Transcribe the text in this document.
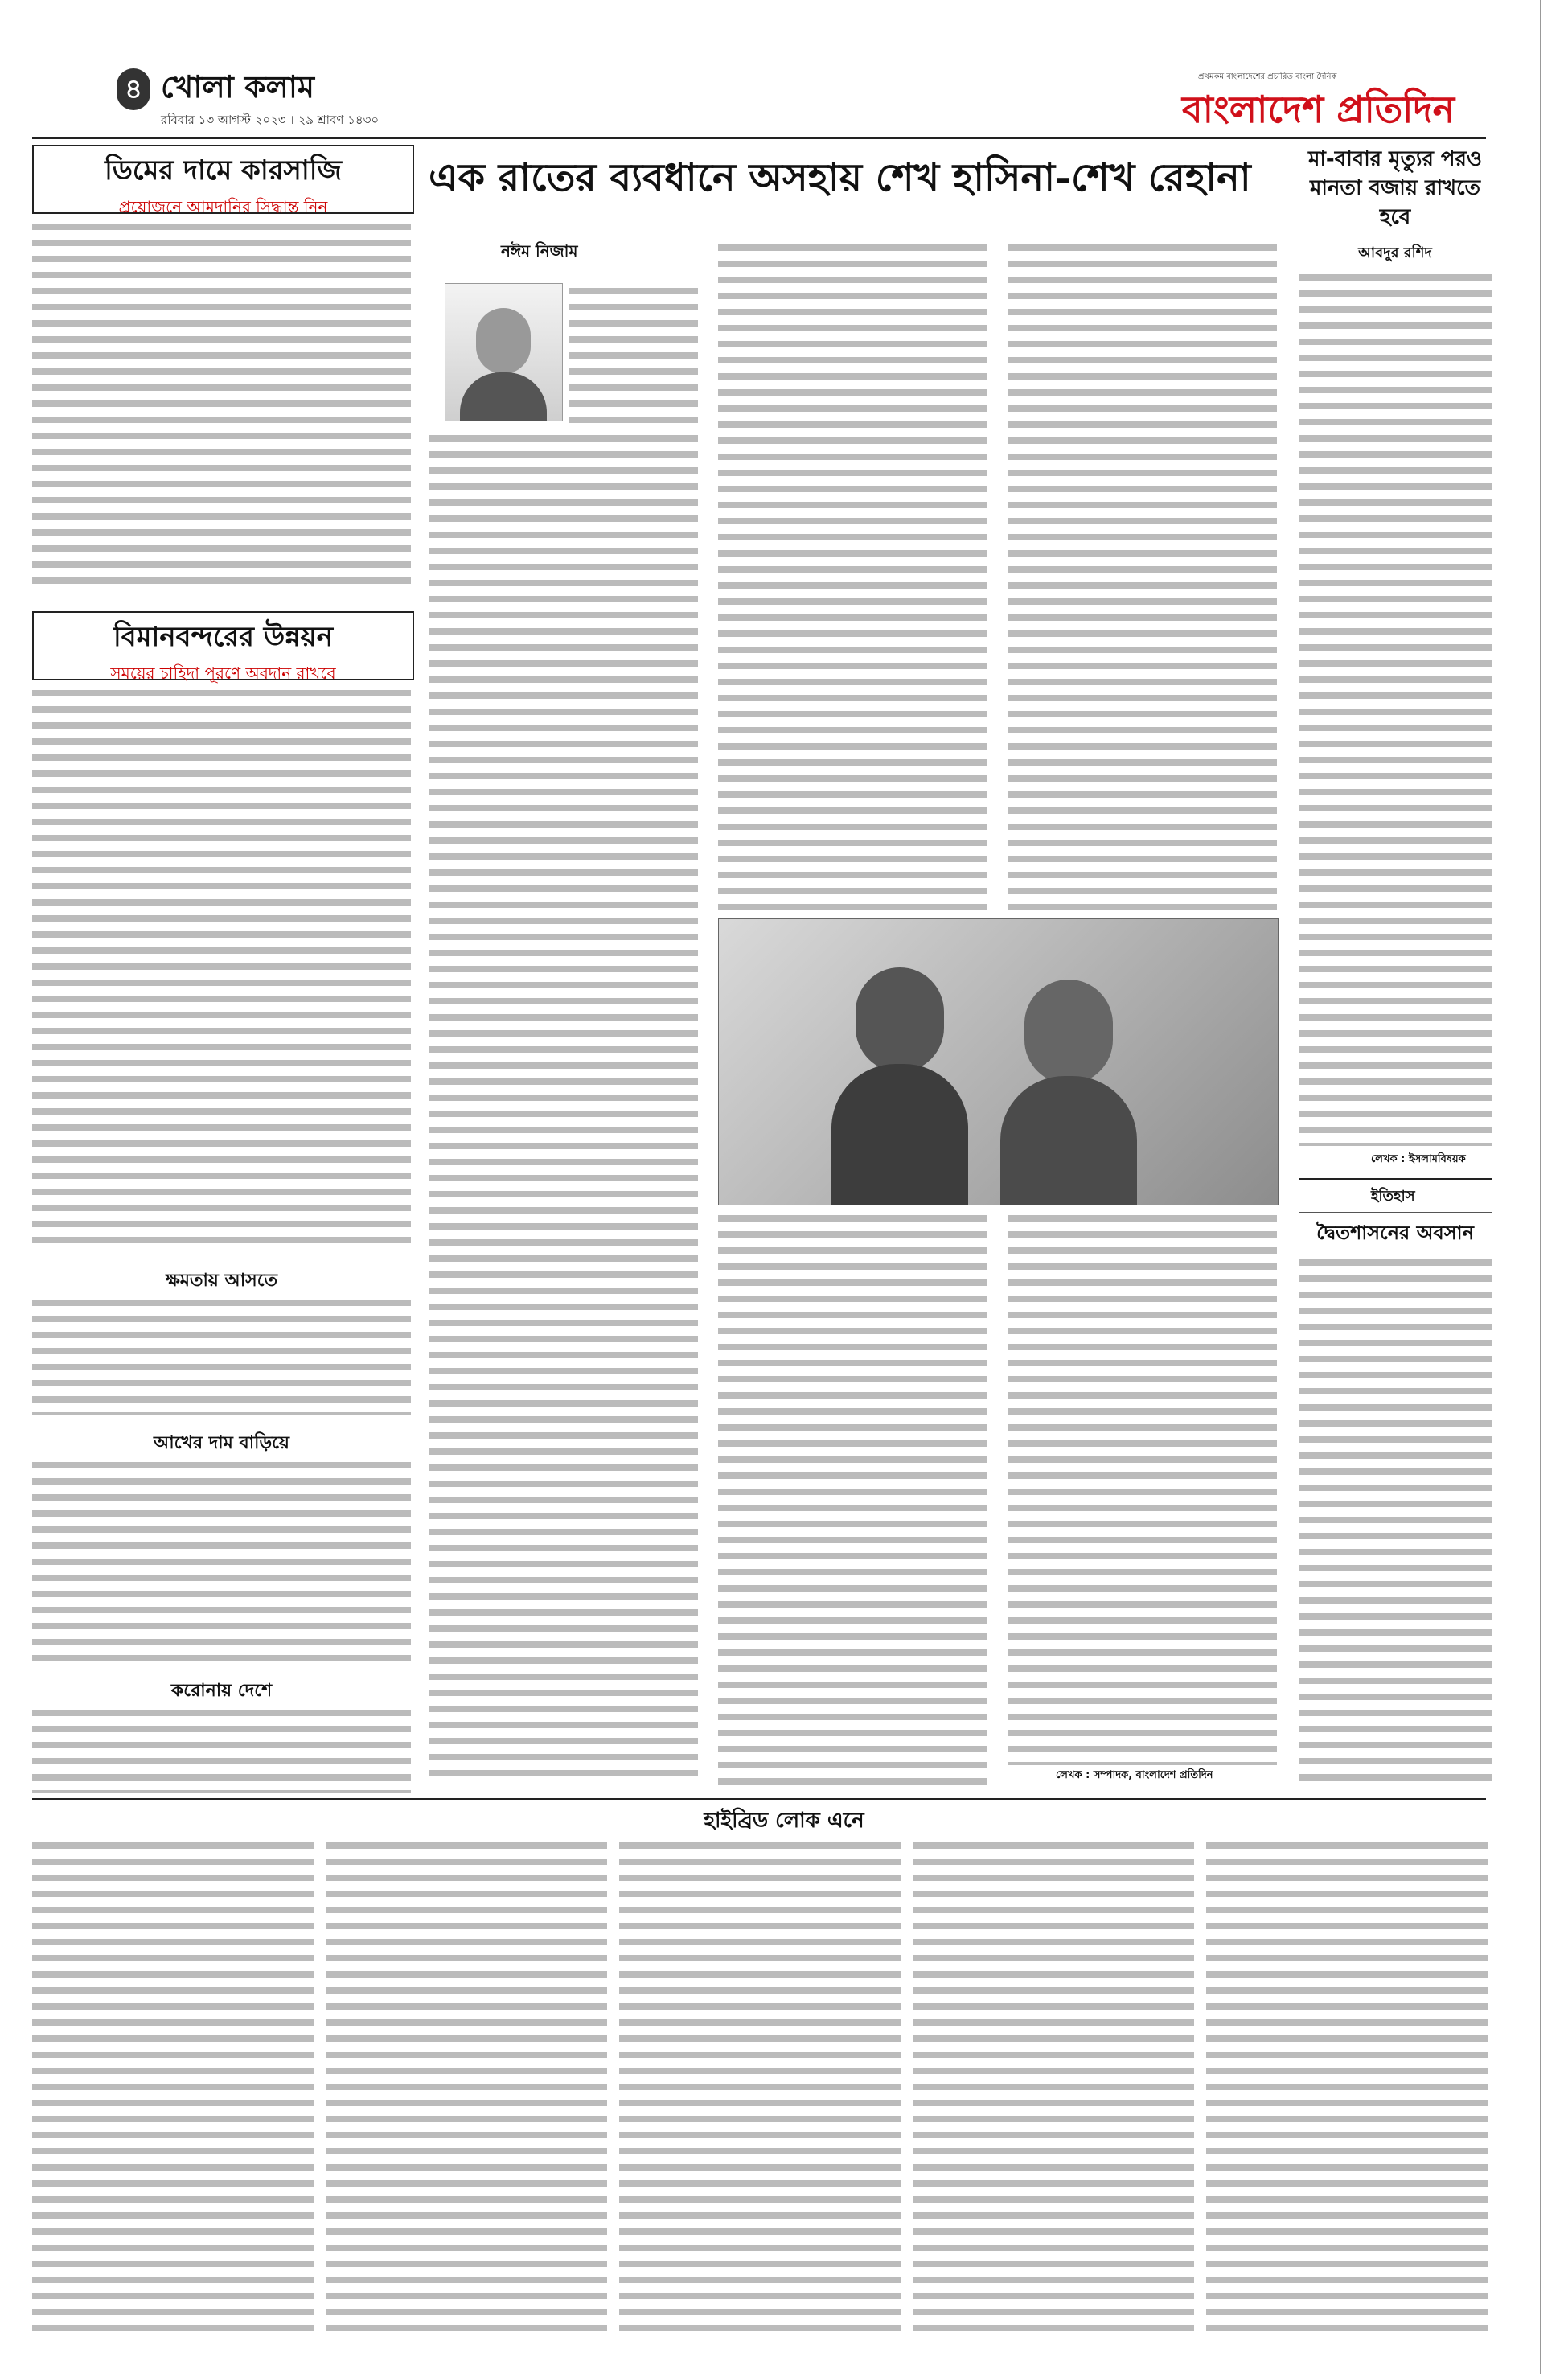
৪ খোলা কলাম
রবিবার ১৩ আগস্ট ২০২৩ । ২৯ শ্রাবণ ১৪৩০
প্রথমকম বাংলাদেশের প্রচারিত বাংলা দৈনিক
বাংলাদেশ প্রতিদিন
ডিমের দামে কারসাজি
প্রয়োজনে আমদানির সিদ্ধান্ত নিন
বিমানবন্দরের উন্নয়ন
সময়ের চাহিদা পূরণে অবদান রাখবে
ক্ষমতায় আসতে
আখের দাম বাড়িয়ে
করোনায় দেশে
এক রাতের ব্যবধানে অসহায় শেখ হাসিনা-শেখ রেহানা
নঈম নিজাম
লেখক : সম্পাদক, বাংলাদেশ প্রতিদিন
মা-বাবার মৃত্যুর পরও মানতা বজায় রাখতে হবে
আবদুর রশিদ
লেখক : ইসলামবিষয়ক
ইতিহাস
দ্বৈতশাসনের অবসান
হাইব্রিড লোক এনে
